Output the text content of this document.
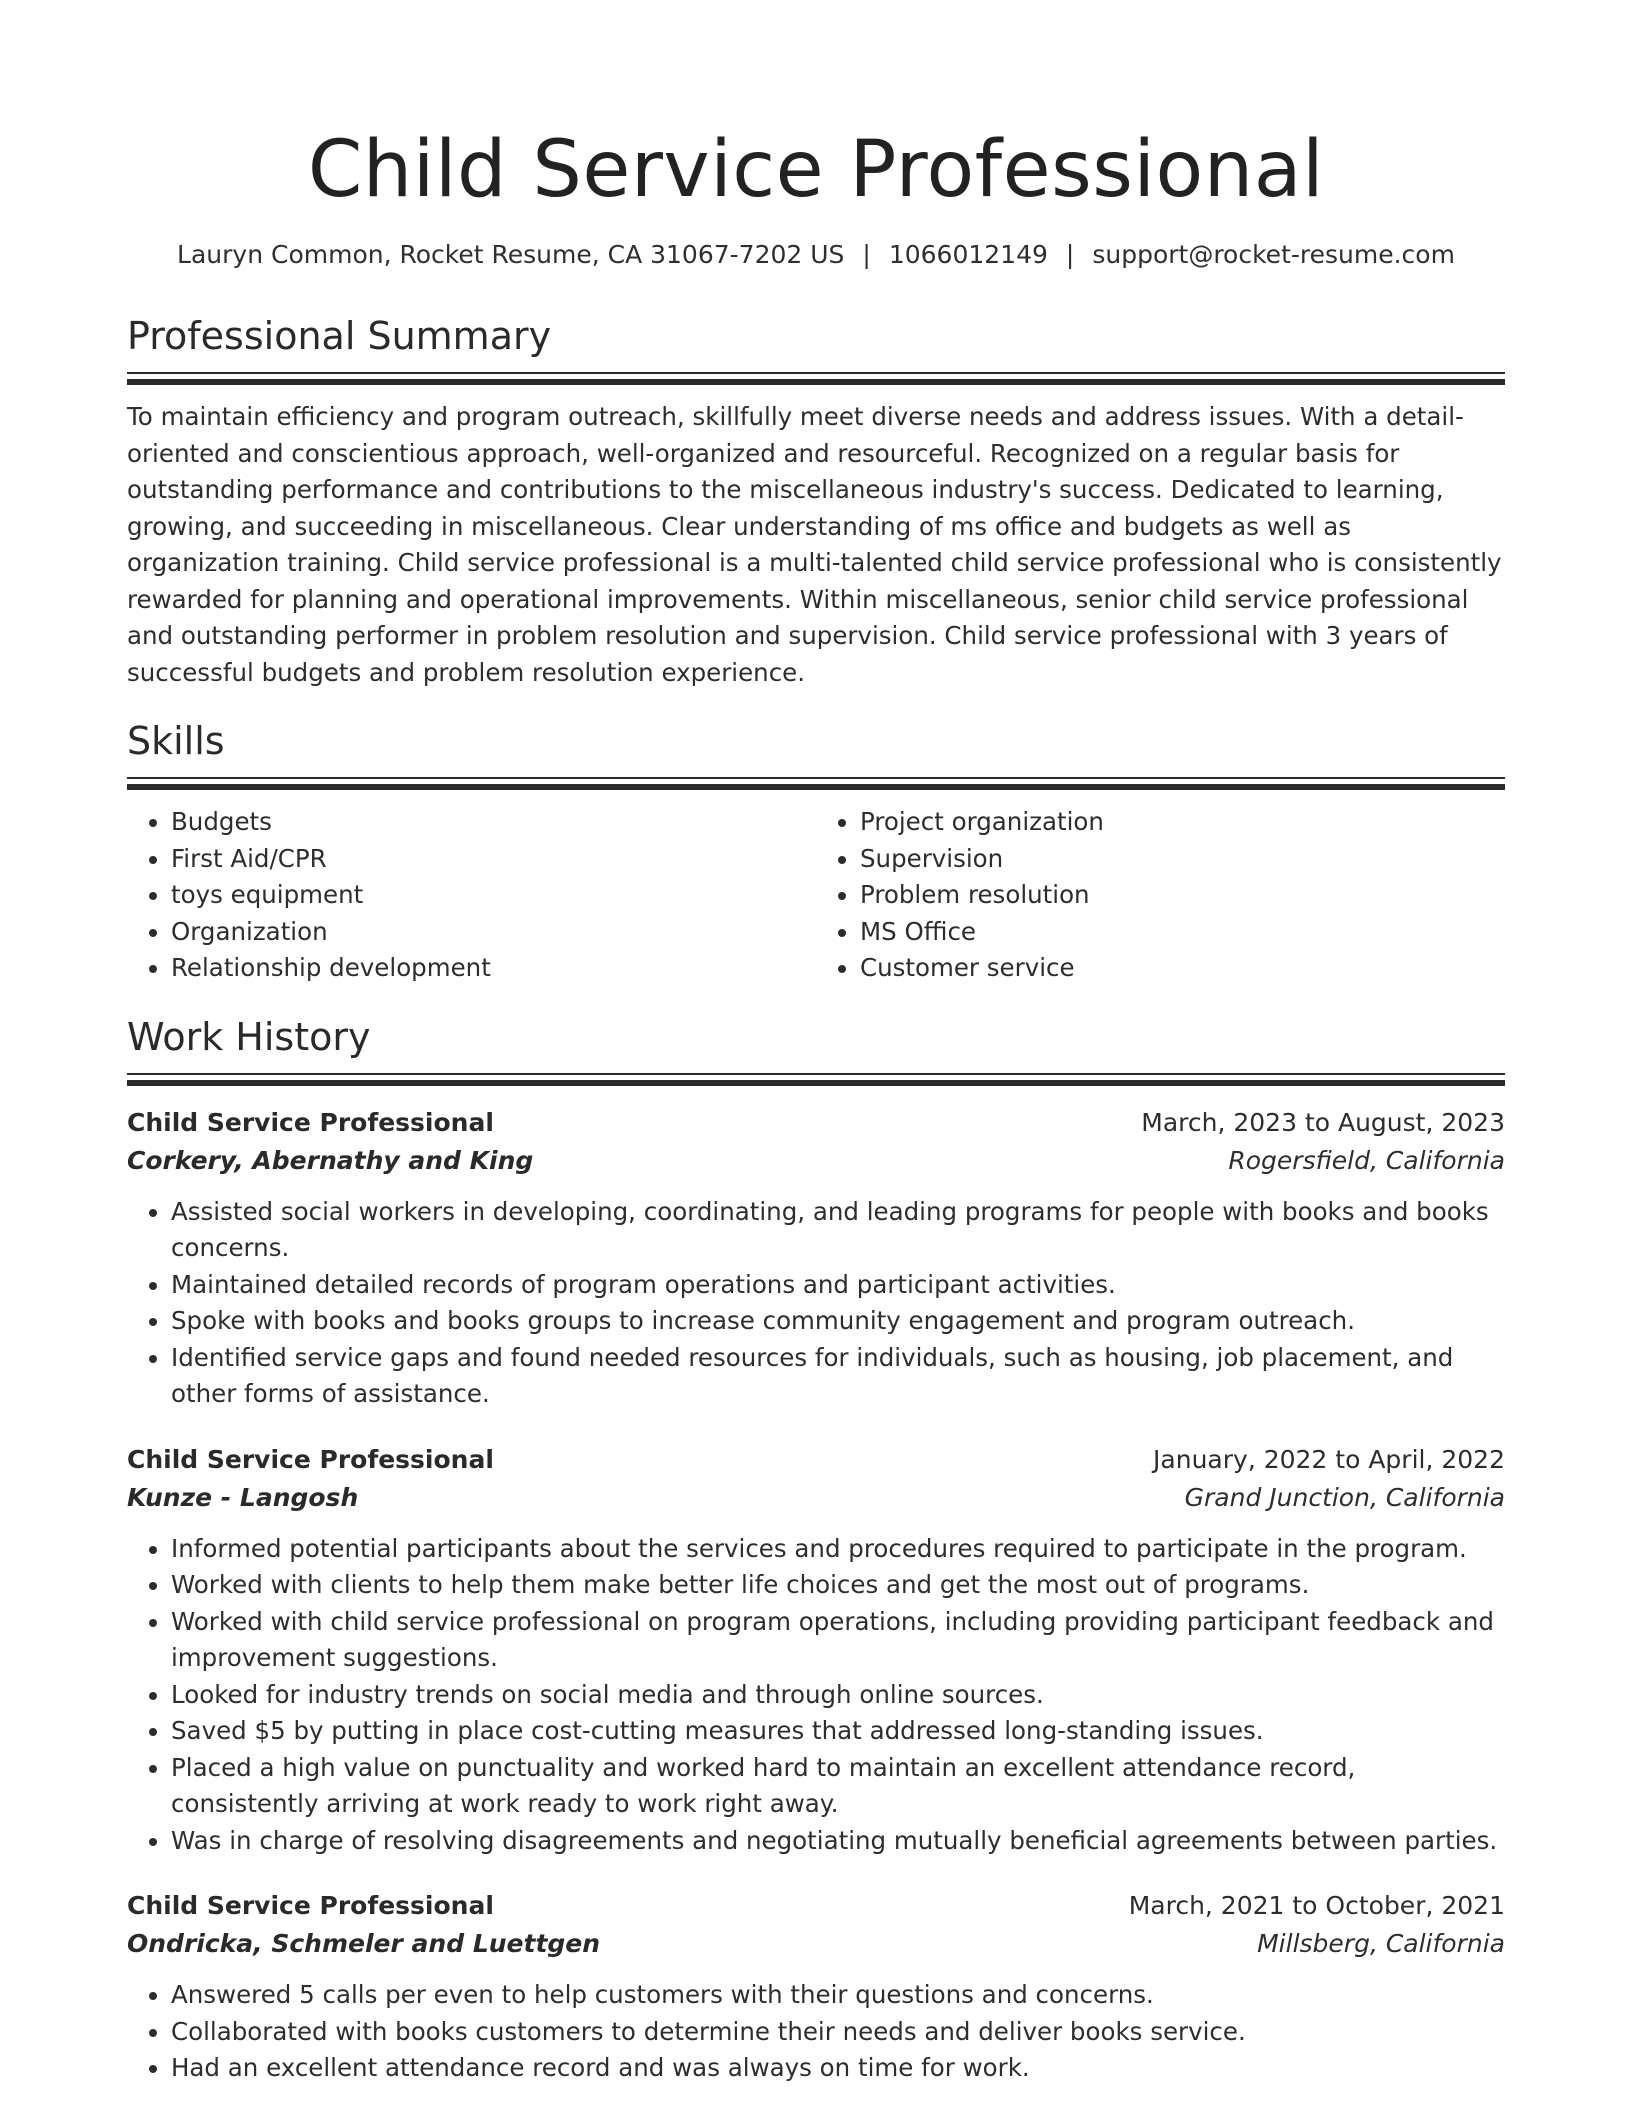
Child Service Professional
Lauryn Common, Rocket Resume, CA 31067-7202 US | 1066012149 | support@rocket-resume.com
Professional Summary

To maintain efficiency and program outreach, skillfully meet diverse needs and address issues. With a detail-oriented and conscientious approach, well-organized and resourceful. Recognized on a regular basis for outstanding performance and contributions to the miscellaneous industry's success. Dedicated to learning, growing, and succeeding in miscellaneous. Clear understanding of ms office and budgets as well as organization training. Child service professional is a multi-talented child service professional who is consistently rewarded for planning and operational improvements. Within miscellaneous, senior child service professional and outstanding performer in problem resolution and supervision. Child service professional with 3 years of successful budgets and problem resolution experience.

Skills
• Budgets
• First Aid/CPR
• toys equipment
• Organization
• Relationship development
• Project organization
• Supervision
• Problem resolution
• MS Office
• Customer service
Work History
Child Service Professional	March, 2023 to August, 2023
Corkery, Abernathy and King	Rogersfield, California
• Assisted social workers in developing, coordinating, and leading programs for people with books and books concerns.
• Maintained detailed records of program operations and participant activities.
• Spoke with books and books groups to increase community engagement and program outreach.
• Identified service gaps and found needed resources for individuals, such as housing, job placement, and other forms of assistance.
Child Service Professional	January, 2022 to April, 2022
Kunze - Langosh	Grand Junction, California
• Informed potential participants about the services and procedures required to participate in the program.
• Worked with clients to help them make better life choices and get the most out of programs.
• Worked with child service professional on program operations, including providing participant feedback and improvement suggestions.
• Looked for industry trends on social media and through online sources.
• Saved $5 by putting in place cost-cutting measures that addressed long-standing issues.
• Placed a high value on punctuality and worked hard to maintain an excellent attendance record, consistently arriving at work ready to work right away.
• Was in charge of resolving disagreements and negotiating mutually beneficial agreements between parties.
Child Service Professional	March, 2021 to October, 2021
Ondricka, Schmeler and Luettgen	Millsberg, California
• Answered 5 calls per even to help customers with their questions and concerns.
• Collaborated with books customers to determine their needs and deliver books service.
• Had an excellent attendance record and was always on time for work.
